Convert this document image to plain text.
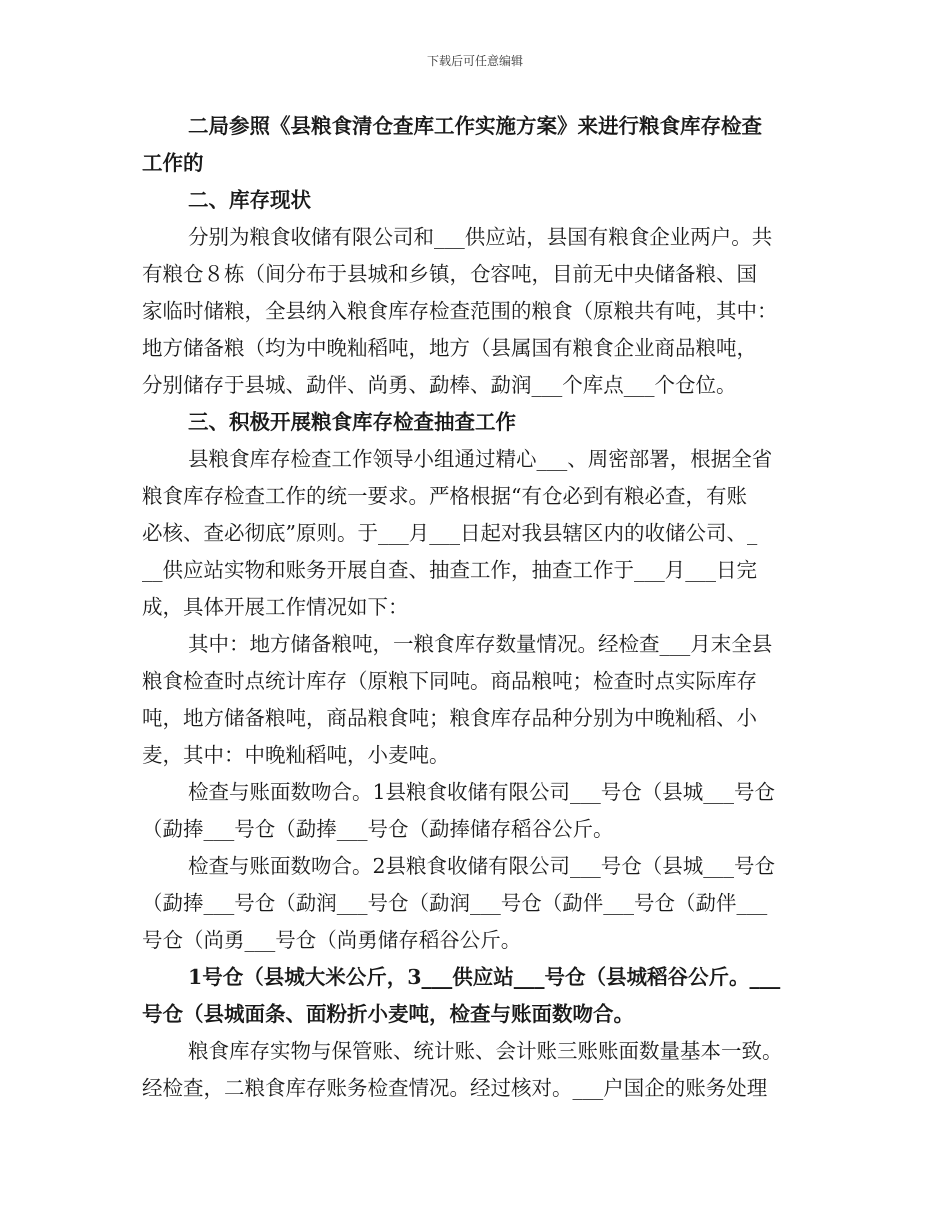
下载后可任意编辑
二局参照《县粮食清仓查库工作实施方案》来进行粮食库存检查
工作的
二、库存现状
分别为粮食收储有限公司和___供应站，县国有粮食企业两户。共
有粮仓８栋（间分布于县城和乡镇，仓容吨，目前无中央储备粮、国
家临时储粮，全县纳入粮食库存检查范围的粮食（原粮共有吨，其中：
地方储备粮（均为中晚籼稻吨，地方（县属国有粮食企业商品粮吨，
分别储存于县城、勐伴、尚勇、勐棒、勐润___个库点___个仓位。
三、积极开展粮食库存检查抽查工作
县粮食库存检查工作领导小组通过精心___、周密部署，根据全省
粮食库存检查工作的统一要求。严格根据“有仓必到有粮必查，有账
必核、查必彻底”原则。于___月___日起对我县辖区内的收储公司、_
__供应站实物和账务开展自查、抽查工作，抽查工作于___月___日完
成，具体开展工作情况如下：
其中：地方储备粮吨，一粮食库存数量情况。经检查___月末全县
粮食检查时点统计库存（原粮下同吨。商品粮吨；检查时点实际库存
吨，地方储备粮吨，商品粮食吨；粮食库存品种分别为中晚籼稻、小
麦，其中：中晚籼稻吨，小麦吨。
检查与账面数吻合。1县粮食收储有限公司___号仓（县城___号仓
（勐捧___号仓（勐捧___号仓（勐捧储存稻谷公斤。
检查与账面数吻合。2县粮食收储有限公司___号仓（县城___号仓
（勐捧___号仓（勐润___号仓（勐润___号仓（勐伴___号仓（勐伴___
号仓（尚勇___号仓（尚勇储存稻谷公斤。
1号仓（县城大米公斤，3___供应站___号仓（县城稻谷公斤。___
号仓（县城面条、面粉折小麦吨，检查与账面数吻合。
粮食库存实物与保管账、统计账、会计账三账账面数量基本一致。
经检查，二粮食库存账务检查情况。经过核对。___户国企的账务处理
